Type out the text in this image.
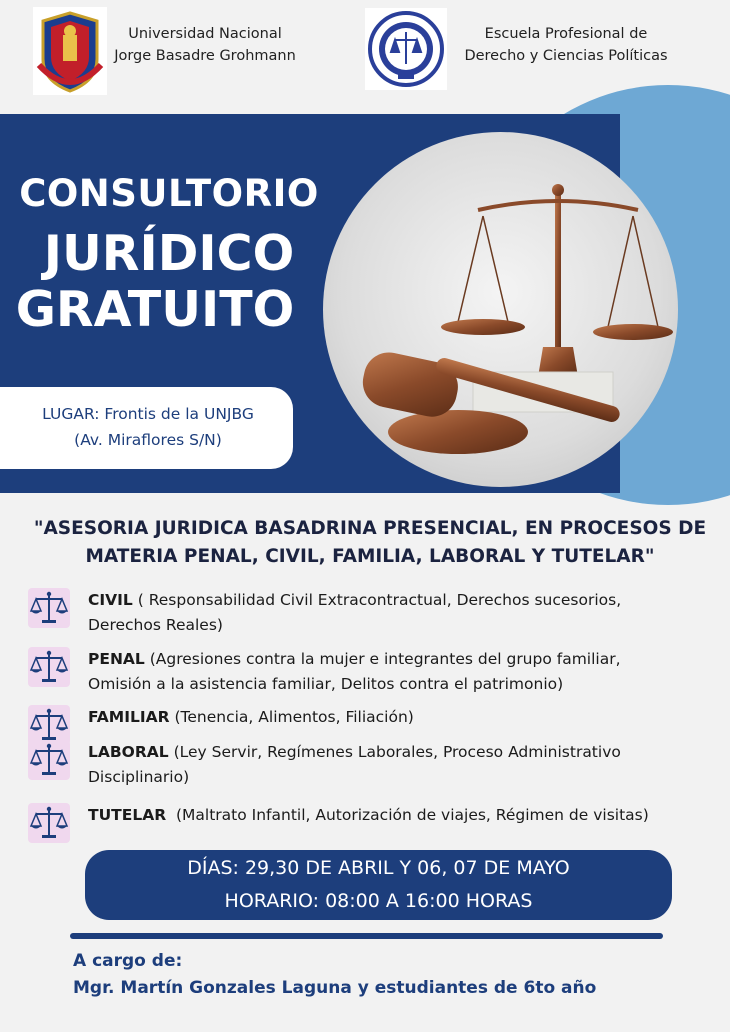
Universidad Nacional
Jorge Basadre Grohmann
Escuela Profesional de
Derecho y Ciencias Políticas
CONSULTORIO
JURÍDICO
GRATUITO
LUGAR: Frontis de la UNJBG
(Av. Miraflores S/N)
"ASESORIA JURIDICA BASADRINA PRESENCIAL, EN PROCESOS DE
MATERIA PENAL, CIVIL, FAMILIA, LABORAL Y TUTELAR"
CIVIL ( Responsabilidad Civil Extracontractual, Derechos sucesorios,
Derechos Reales)
PENAL (Agresiones contra la mujer e integrantes del grupo familiar,
Omisión a la asistencia familiar, Delitos contra el patrimonio)
FAMILIAR (Tenencia, Alimentos, Filiación)
LABORAL (Ley Servir, Regímenes Laborales, Proceso Administrativo
Disciplinario)
TUTELAR  (Maltrato Infantil, Autorización de viajes, Régimen de visitas)
DÍAS: 29,30 DE ABRIL Y 06, 07 DE MAYO
HORARIO: 08:00 A 16:00 HORAS
A cargo de:
Mgr. Martín Gonzales Laguna y estudiantes de 6to año
